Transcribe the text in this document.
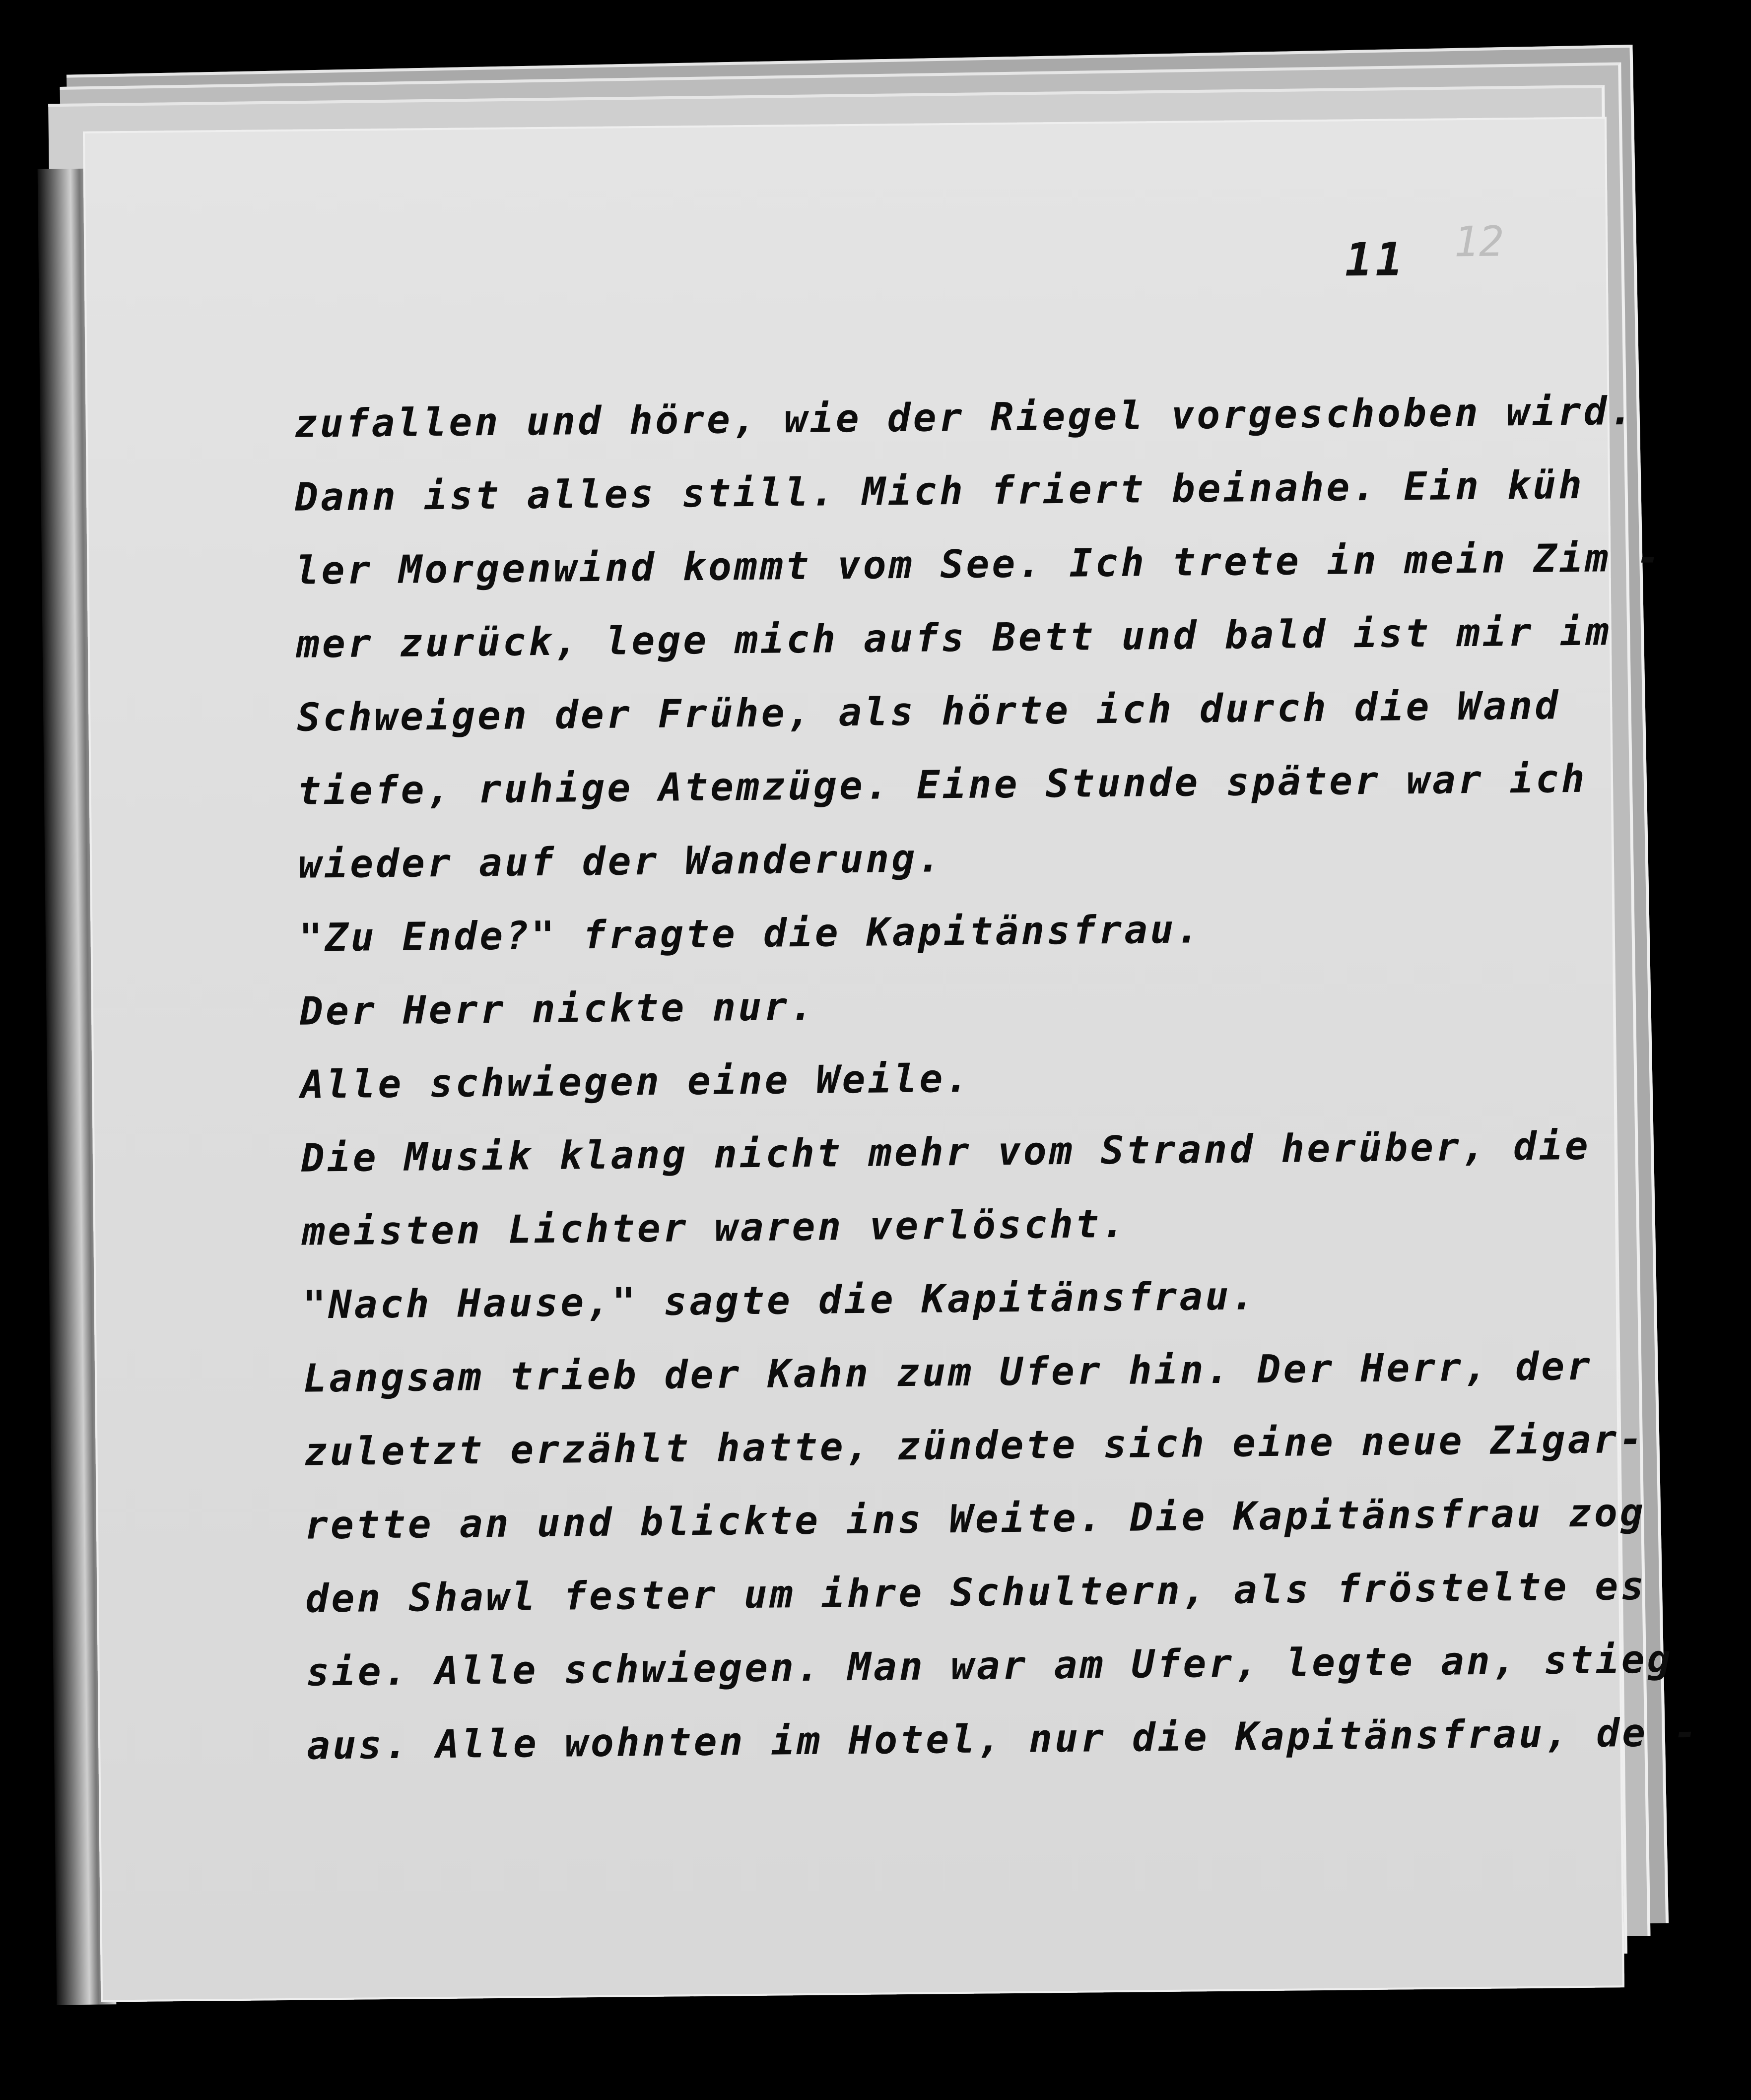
12
11
zufallen und höre, wie der Riegel vorgeschoben wird.
Dann ist alles still. Mich friert beinahe. Ein küh
ler Morgenwind kommt vom See. Ich trete in mein Zim -
mer zurück, lege mich aufs Bett und bald ist mir im
Schweigen der Frühe, als hörte ich durch die Wand
tiefe, ruhige Atemzüge. Eine Stunde später war ich
wieder auf der Wanderung.
"Zu Ende?" fragte die Kapitänsfrau.
Der Herr nickte nur.
Alle schwiegen eine Weile.
Die Musik klang nicht mehr vom Strand herüber, die
meisten Lichter waren verlöscht.
"Nach Hause," sagte die Kapitänsfrau.
Langsam trieb der Kahn zum Ufer hin. Der Herr, der
zuletzt erzählt hatte, zündete sich eine neue Zigar-
rette an und blickte ins Weite. Die Kapitänsfrau zog
den Shawl fester um ihre Schultern, als fröstelte es
sie. Alle schwiegen. Man war am Ufer, legte an, stieg
aus. Alle wohnten im Hotel, nur die Kapitänsfrau, de -
